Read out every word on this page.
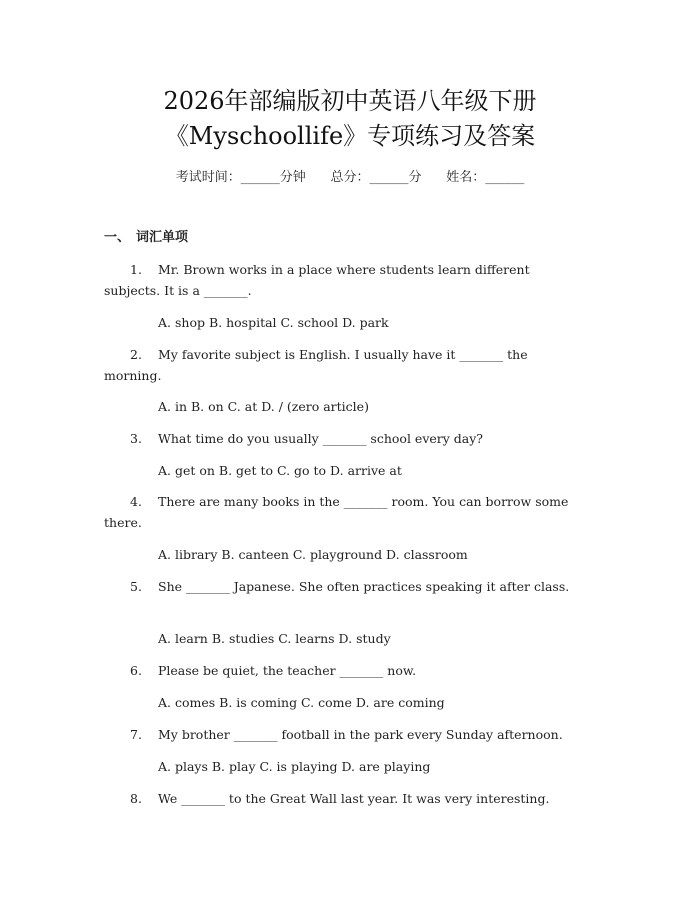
2026年部编版初中英语八年级下册
《Myschoollife》专项练习及答案
考试时间：______分钟      总分：______分      姓名：______
一、 词汇单项
1. Mr. Brown works in a place where students learn different subjects. It is a _______.
A. shop B. hospital C. school D. park
2. My favorite subject is English. I usually have it _______ the morning.
A. in B. on C. at D. / (zero article)
3. What time do you usually _______ school every day?
A. get on B. get to C. go to D. arrive at
4. There are many books in the _______ room. You can borrow some there.
A. library B. canteen C. playground D. classroom
5. She _______ Japanese. She often practices speaking it after class.
A. learn B. studies C. learns D. study
6. Please be quiet, the teacher _______ now.
A. comes B. is coming C. come D. are coming
7. My brother _______ football in the park every Sunday afternoon.
A. plays B. play C. is playing D. are playing
8. We _______ to the Great Wall last year. It was very interesting.
